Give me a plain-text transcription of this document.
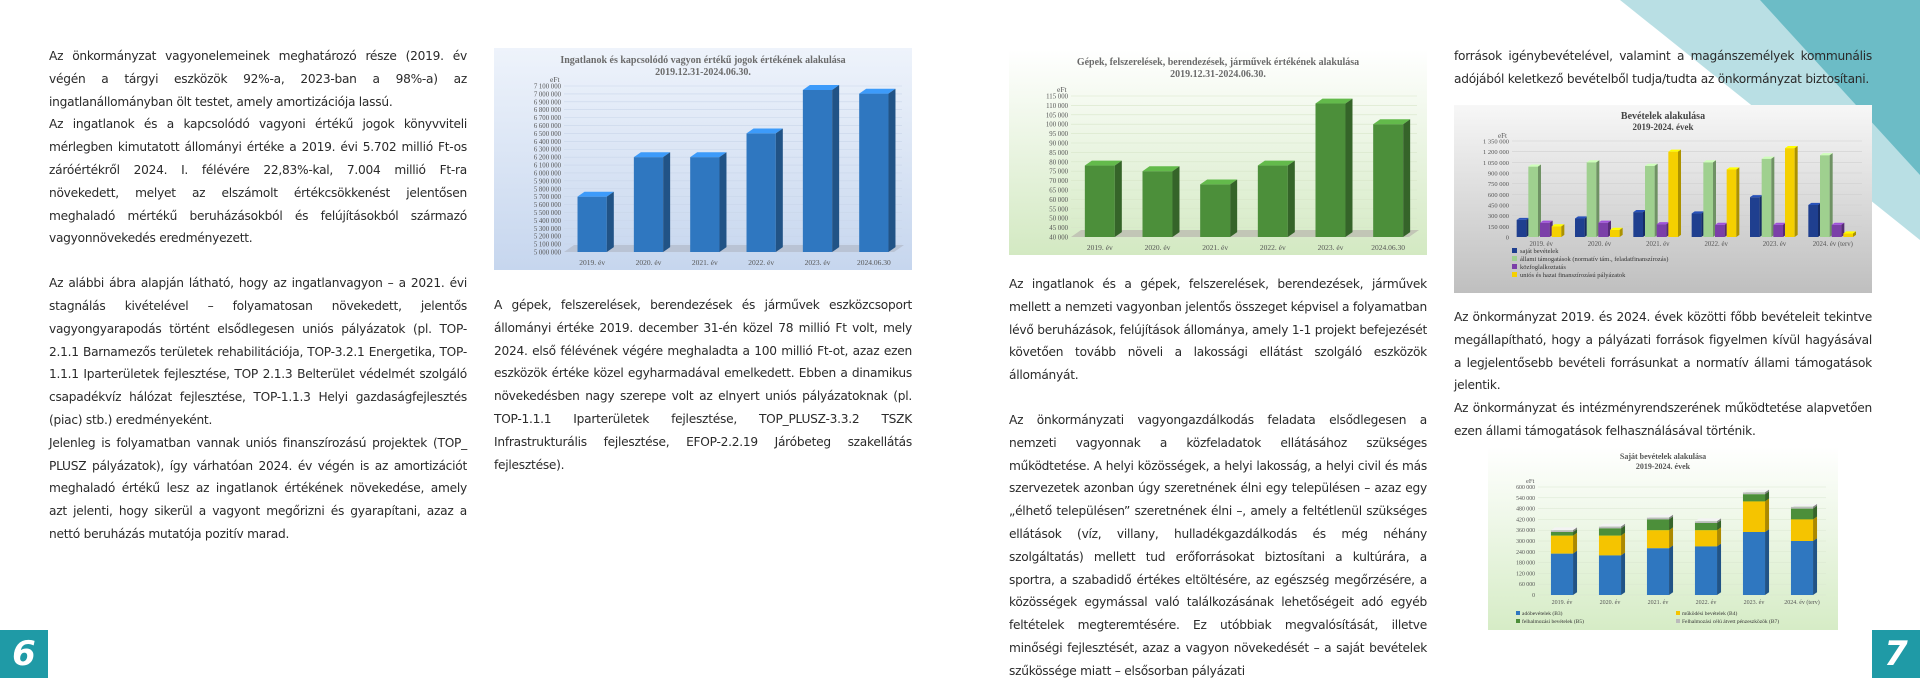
Az önkormányzat vagyonelemeinek meghatározó része (2019. év végén a tárgyi eszközök 92%-a, 2023-ban a 98%-a) az ingatlanállományban ölt testet, amely amortizációja lassú.

Az ingatlanok és a kapcsolódó vagyoni értékű jogok könyvviteli mérlegben kimutatott állományi értéke a 2019. évi 5.702 millió Ft-os záróértékről 2024. I. félévére 22,83%-kal, 7.004 millió Ft-ra növekedett, melyet az elszámolt értékcsökkenést jelentősen meghaladó mértékű beruházásokból és felújításokból származó vagyonnövekedés eredményezett.

Az alábbi ábra alapján látható, hogy az ingatlanvagyon – a 2021. évi stagnálás kivételével – folyamatosan növekedett, jelentős vagyongyarapodás történt elsődlegesen uniós pályázatok (pl. TOP-2.1.1 Barnamezős területek rehabilitációja, TOP-3.2.1 Energetika, TOP-1.1.1 Iparterületek fejlesztése, TOP 2.1.3 Belterület védelmét szolgáló csapadékvíz hálózat fejlesztése, TOP-1.1.3 Helyi gazdaságfejlesztés (piac) stb.) eredményeként.

Jelenleg is folyamatban vannak uniós finanszírozású projektek (TOP_ PLUSZ pályázatok), így várhatóan 2024. év végén is az amortizációt meghaladó értékű lesz az ingatlanok értékének növekedése, amely azt jelenti, hogy sikerül a vagyont megőrizni és gyarapítani, azaz a nettó beruházás mutatója pozitív marad.

Ingatlanok és kapcsolódó vagyon értékű jogok értékének alakulása
2019.12.31-2024.06.30.
eFt
5 000 000
5 100 000
5 200 000
5 300 000
5 400 000
5 500 000
5 600 000
5 700 000
5 800 000
5 900 000
6 000 000
6 100 000
6 200 000
6 300 000
6 400 000
6 500 000
6 600 000
6 700 000
6 800 000
6 900 000
7 000 000
7 100 000
2019. év	2020. év	2021. év	2022. év	2023. év	2024.06.30

A gépek, felszerelések, berendezések és járművek eszközcsoport állományi értéke 2019. december 31-én közel 78 millió Ft volt, mely 2024. első félévének végére meghaladta a 100 millió Ft-ot, azaz ezen eszközök értéke közel egyharmadával emelkedett. Ebben a dinamikus növekedésben nagy szerepe volt az elnyert uniós pályázatoknak (pl. TOP-1.1.1 Iparterületek fejlesztése, TOP_PLUSZ-3.3.2 TSZK Infrastrukturális fejlesztése, EFOP-2.2.19 Járóbeteg szakellátás fejlesztése).

Gépek, felszerelések, berendezések, járművek értékének alakulása
2019.12.31-2024.06.30.
eFt
40 000
45 000
50 000
55 000
60 000
65 000
70 000
75 000
80 000
85 000
90 000
95 000
100 000
105 000
110 000
115 000
2019. év	2020. év	2021. év	2022. év	2023. év	2024.06.30

Az ingatlanok és a gépek, felszerelések, berendezések, járművek mellett a nemzeti vagyonban jelentős összeget képvisel a folyamatban lévő beruházások, felújítások állománya, amely 1-1 projekt befejezését követően tovább növeli a lakossági ellátást szolgáló eszközök állományát.

Az önkormányzati vagyongazdálkodás feladata elsődlegesen a nemzeti vagyonnak a közfeladatok ellátásához szükséges működtetése. A helyi közösségek, a helyi lakosság, a helyi civil és más szervezetek azonban úgy szeretnének élni egy településen – azaz egy „élhető településen” szeretnének élni –, amely a feltétlenül szükséges ellátások (víz, villany, hulladékgazdálkodás és még néhány szolgáltatás) mellett tud erőforrásokat biztosítani a kultúrára, a sportra, a szabadidő értékes eltöltésére, az egészség megőrzésére, a közösségek egymással való találkozásának lehetőségeit adó egyéb feltételek megteremtésére. Ez utóbbiak megvalósítását, illetve minőségi fejlesztését, azaz a vagyon növekedését – a saját bevételek szűkössége miatt – elsősorban pályázati

források igénybevételével, valamint a magánszemélyek kommunális adójából keletkező bevételből tudja/tudta az önkormányzat biztosítani.

Bevételek alakulása
2019-2024. évek
eFt
0
150 000
300 000
450 000
600 000
750 000
900 000
1 050 000
1 200 000
1 350 000
2019. év	2020. év	2021. év	2022. év	2023. év	2024. év (terv)
saját bevételek
állami támogatások (normatív tám., feladatfinanszírozás)
közfoglalkoztatás
uniós és hazai finanszírozású pályázatok

Az önkormányzat 2019. és 2024. évek közötti főbb bevételeit tekintve megállapítható, hogy a pályázati források figyelmen kívül hagyásával a legjelentősebb bevételi forrásunkat a normatív állami támogatások jelentik.

Az önkormányzat és intézményrendszerének működtetése alapvetően ezen állami támogatások felhasználásával történik.

Saját bevételek alakulása
2019-2024. évek
eFt
0
60 000
120 000
180 000
240 000
300 000
360 000
420 000
480 000
540 000
600 000
2019. év	2020. év	2021. év	2022. év	2023. év	2024. év (terv)
adóbevételek (B3)	működési bevételek (B4)
felhalmozási bevételek (B5)	Felhalmozási célú átvett pénzeszközök (B7)
6	7
